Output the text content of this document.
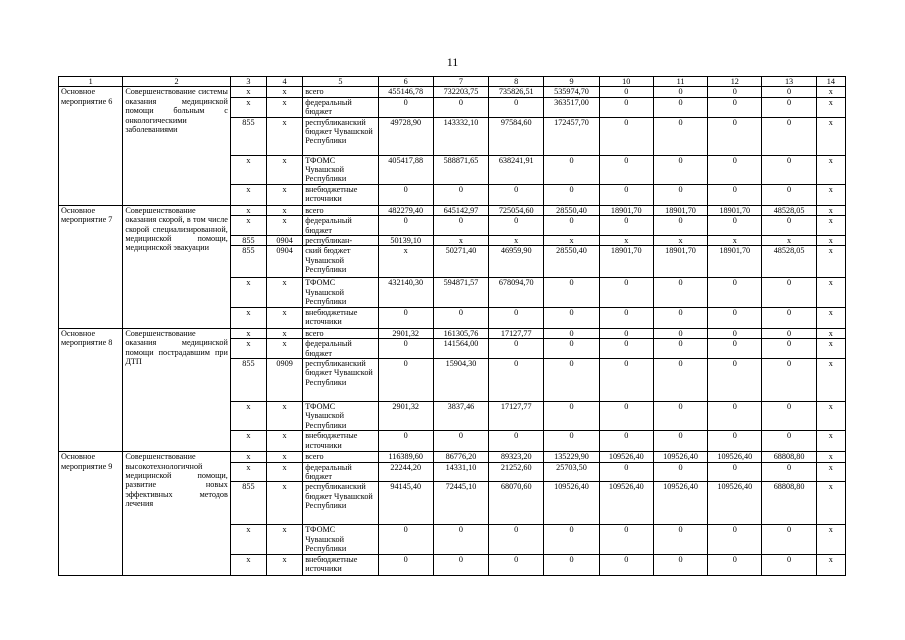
11
1	2	3	4	5	6	7	8	9	10	11	12	13	14
Основное мероприятие 6	Совершенствование системы оказания медицинской помощи больным с онкологическими заболеваниями	х	х	всего	455146,78	732203,75	735826,51	535974,70	0	0	0	0	х
		х	х	федеральный бюджет	0	0	0	363517,00	0	0	0	0	х
		855	х	республиканский бюджет Чувашской Республики	49728,90	143332,10	97584,60	172457,70	0	0	0	0	х
		х	х	ТФОМС Чувашской Республики	405417,88	588871,65	638241,91	0	0	0	0	0	х
		х	х	внебюджетные источники	0	0	0	0	0	0	0	0	х
Основное мероприятие 7	Совершенствование оказания скорой, в том числе скорой специализированной, медицинской помощи, медицинской эвакуации	х	х	всего	482279,40	645142,97	725054,60	28550,40	18901,70	18901,70	18901,70	48528,05	х
		х	х	федеральный бюджет	0	0	0	0	0	0	0	0	х
		855	0904	республикан-	50139,10	х	х	х	х	х	х	х	х
		855	0904	ский бюджет Чувашской Республики	х	50271,40	46959,90	28550,40	18901,70	18901,70	18901,70	48528,05	х
		х	х	ТФОМС Чувашской Республики	432140,30	594871,57	678094,70	0	0	0	0	0	х
		х	х	внебюджетные источники	0	0	0	0	0	0	0	0	х
Основное мероприятие 8	Совершенствование оказания медицинской помощи пострадавшим при ДТП	х	х	всего	2901,32	161305,76	17127,77	0	0	0	0	0	х
		х	х	федеральный бюджет	0	141564,00	0	0	0	0	0	0	х
		855	0909	республиканский бюджет Чувашской Республики	0	15904,30	0	0	0	0	0	0	х
		х	х	ТФОМС Чувашской Республики	2901,32	3837,46	17127,77	0	0	0	0	0	х
		х	х	внебюджетные источники	0	0	0	0	0	0	0	0	х
Основное мероприятие 9	Совершенствование высокотехнологичной медицинской помощи, развитие новых эффективных методов лечения	х	х	всего	116389,60	86776,20	89323,20	135229,90	109526,40	109526,40	109526,40	68808,80	х
		х	х	федеральный бюджет	22244,20	14331,10	21252,60	25703,50	0	0	0	0	х
		855	х	республиканский бюджет Чувашской Республики	94145,40	72445,10	68070,60	109526,40	109526,40	109526,40	109526,40	68808,80	х
		х	х	ТФОМС Чувашской Республики	0	0	0	0	0	0	0	0	х
		х	х	внебюджетные источники	0	0	0	0	0	0	0	0	х
